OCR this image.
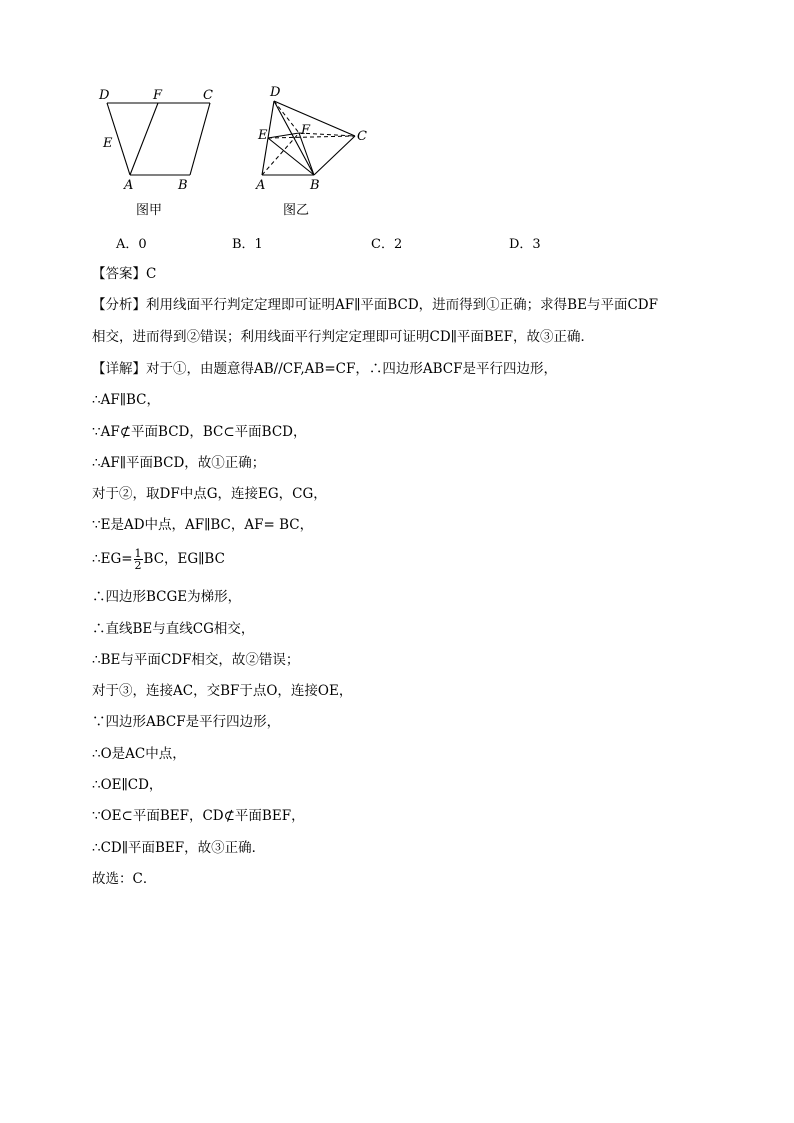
D	F	C
E
A	B
图甲
D
E	F	C
A	B
图乙
A．0	B．1	C．2	D．3
【答案】C
【分析】利用线面平行判定定理即可证明AF∥平面BCD，进而得到①正确；求得BE与平面CDF
相交，进而得到②错误；利用线面平行判定定理即可证明CD∥平面BEF，故③正确．
【详解】对于①，由题意得AB//CF,AB=CF，∴四边形ABCF是平行四边形，
∴AF∥BC，
∵AF⊄平面BCD，BC⊂平面BCD，
∴AF∥平面BCD，故①正确；
对于②，取DF中点G，连接EG，CG，
∵E是AD中点，AF∥BC，AF= BC，
∴EG= $\frac{1}{2}$ BC，EG∥BC
∴四边形BCGE为梯形，
∴直线BE与直线CG相交，
∴BE与平面CDF相交，故②错误；
对于③，连接AC，交BF于点O，连接OE，
∵四边形ABCF是平行四边形，
∴O是AC中点，
∴OE∥CD，
∵OE⊂平面BEF，CD⊄平面BEF，
∴CD∥平面BEF，故③正确．
故选：C．
